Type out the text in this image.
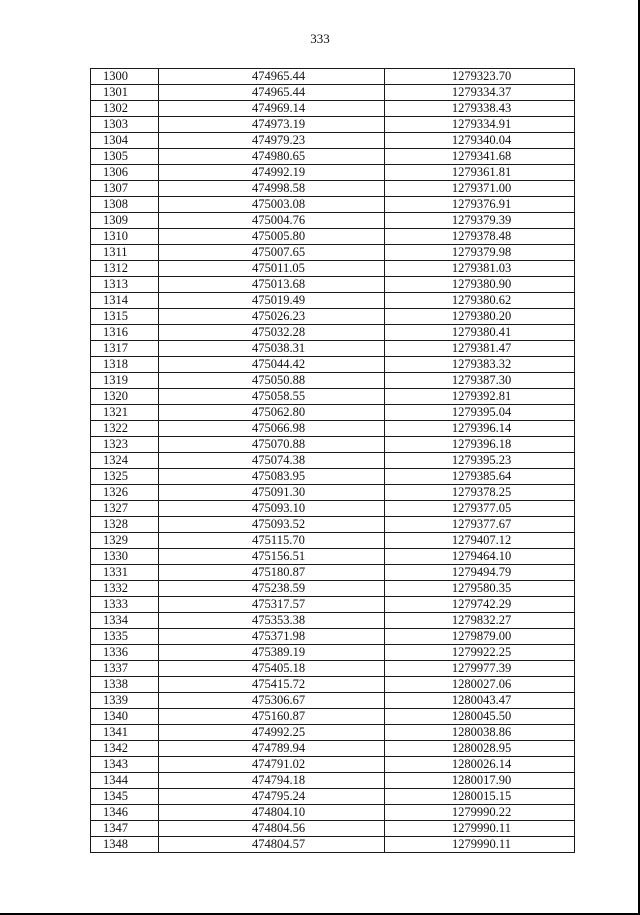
333
1300	474965.44	1279323.70
1301	474965.44	1279334.37
1302	474969.14	1279338.43
1303	474973.19	1279334.91
1304	474979.23	1279340.04
1305	474980.65	1279341.68
1306	474992.19	1279361.81
1307	474998.58	1279371.00
1308	475003.08	1279376.91
1309	475004.76	1279379.39
1310	475005.80	1279378.48
1311	475007.65	1279379.98
1312	475011.05	1279381.03
1313	475013.68	1279380.90
1314	475019.49	1279380.62
1315	475026.23	1279380.20
1316	475032.28	1279380.41
1317	475038.31	1279381.47
1318	475044.42	1279383.32
1319	475050.88	1279387.30
1320	475058.55	1279392.81
1321	475062.80	1279395.04
1322	475066.98	1279396.14
1323	475070.88	1279396.18
1324	475074.38	1279395.23
1325	475083.95	1279385.64
1326	475091.30	1279378.25
1327	475093.10	1279377.05
1328	475093.52	1279377.67
1329	475115.70	1279407.12
1330	475156.51	1279464.10
1331	475180.87	1279494.79
1332	475238.59	1279580.35
1333	475317.57	1279742.29
1334	475353.38	1279832.27
1335	475371.98	1279879.00
1336	475389.19	1279922.25
1337	475405.18	1279977.39
1338	475415.72	1280027.06
1339	475306.67	1280043.47
1340	475160.87	1280045.50
1341	474992.25	1280038.86
1342	474789.94	1280028.95
1343	474791.02	1280026.14
1344	474794.18	1280017.90
1345	474795.24	1280015.15
1346	474804.10	1279990.22
1347	474804.56	1279990.11
1348	474804.57	1279990.11
